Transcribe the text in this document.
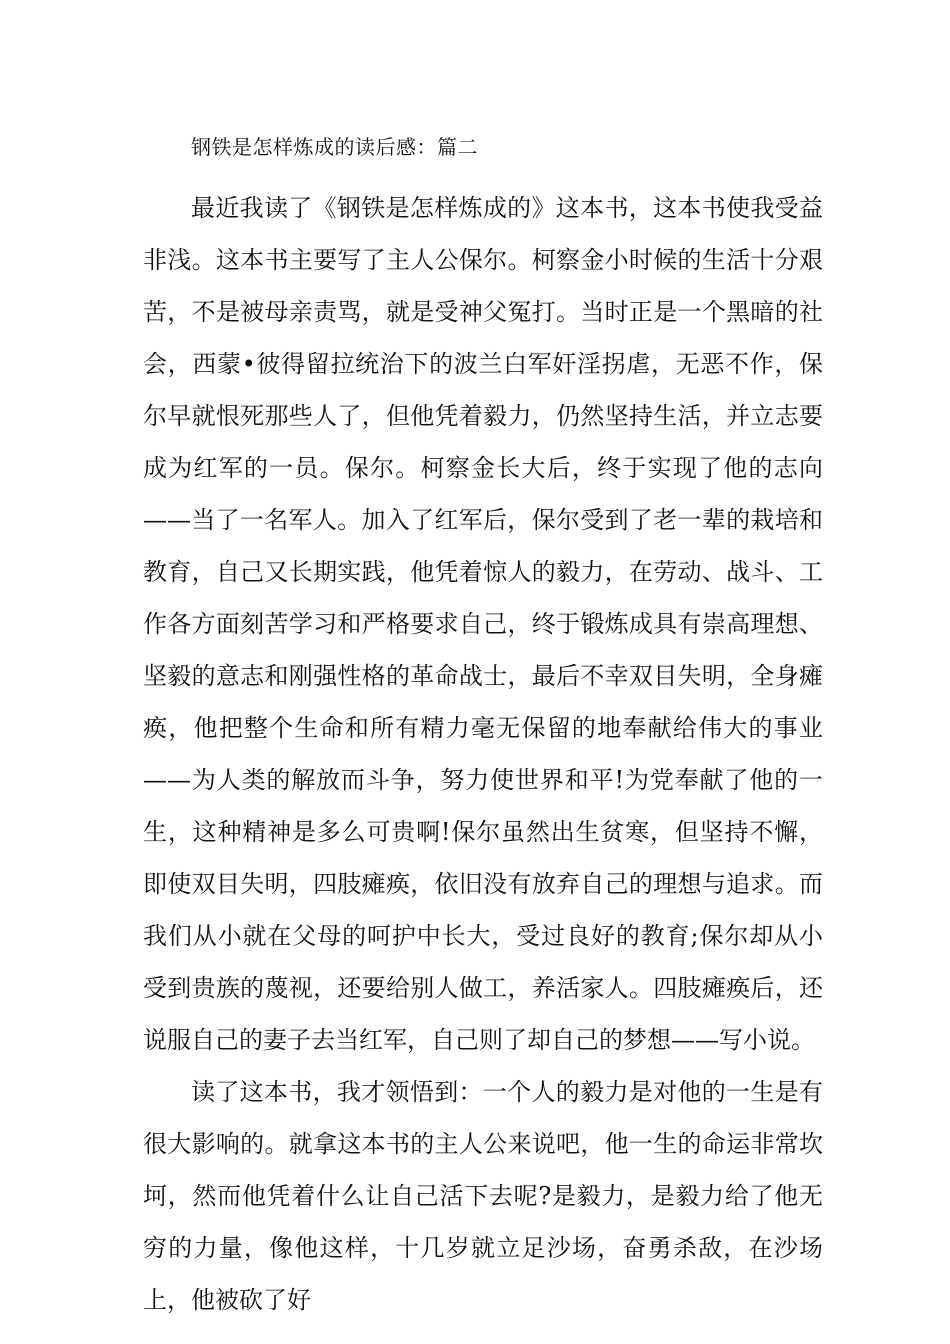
钢铁是怎样炼成的读后感：篇二

最近我读了《钢铁是怎样炼成的》这本书，这本书使我受益非浅。这本书主要写了主人公保尔。柯察金小时候的生活十分艰苦，不是被母亲责骂，就是受神父冤打。当时正是一个黑暗的社会，西蒙•彼得留拉统治下的波兰白军奸淫拐虐，无恶不作，保尔早就恨死那些人了，但他凭着毅力，仍然坚持生活，并立志要成为红军的一员。保尔。柯察金长大后，终于实现了他的志向——当了一名军人。加入了红军后，保尔受到了老一辈的栽培和教育，自己又长期实践，他凭着惊人的毅力，在劳动、战斗、工作各方面刻苦学习和严格要求自己，终于锻炼成具有崇高理想、坚毅的意志和刚强性格的革命战士，最后不幸双目失明，全身瘫痪，他把整个生命和所有精力毫无保留的地奉献给伟大的事业——为人类的解放而斗争，努力使世界和平!为党奉献了他的一生，这种精神是多么可贵啊!保尔虽然出生贫寒，但坚持不懈，即使双目失明，四肢瘫痪，依旧没有放弃自己的理想与追求。而我们从小就在父母的呵护中长大，受过良好的教育;保尔却从小受到贵族的蔑视，还要给别人做工，养活家人。四肢瘫痪后，还说服自己的妻子去当红军，自己则了却自己的梦想——写小说。

读了这本书，我才领悟到：一个人的毅力是对他的一生是有很大影响的。就拿这本书的主人公来说吧，他一生的命运非常坎坷，然而他凭着什么让自己活下去呢?是毅力，是毅力给了他无穷的力量，像他这样，十几岁就立足沙场，奋勇杀敌，在沙场上，他被砍了好
